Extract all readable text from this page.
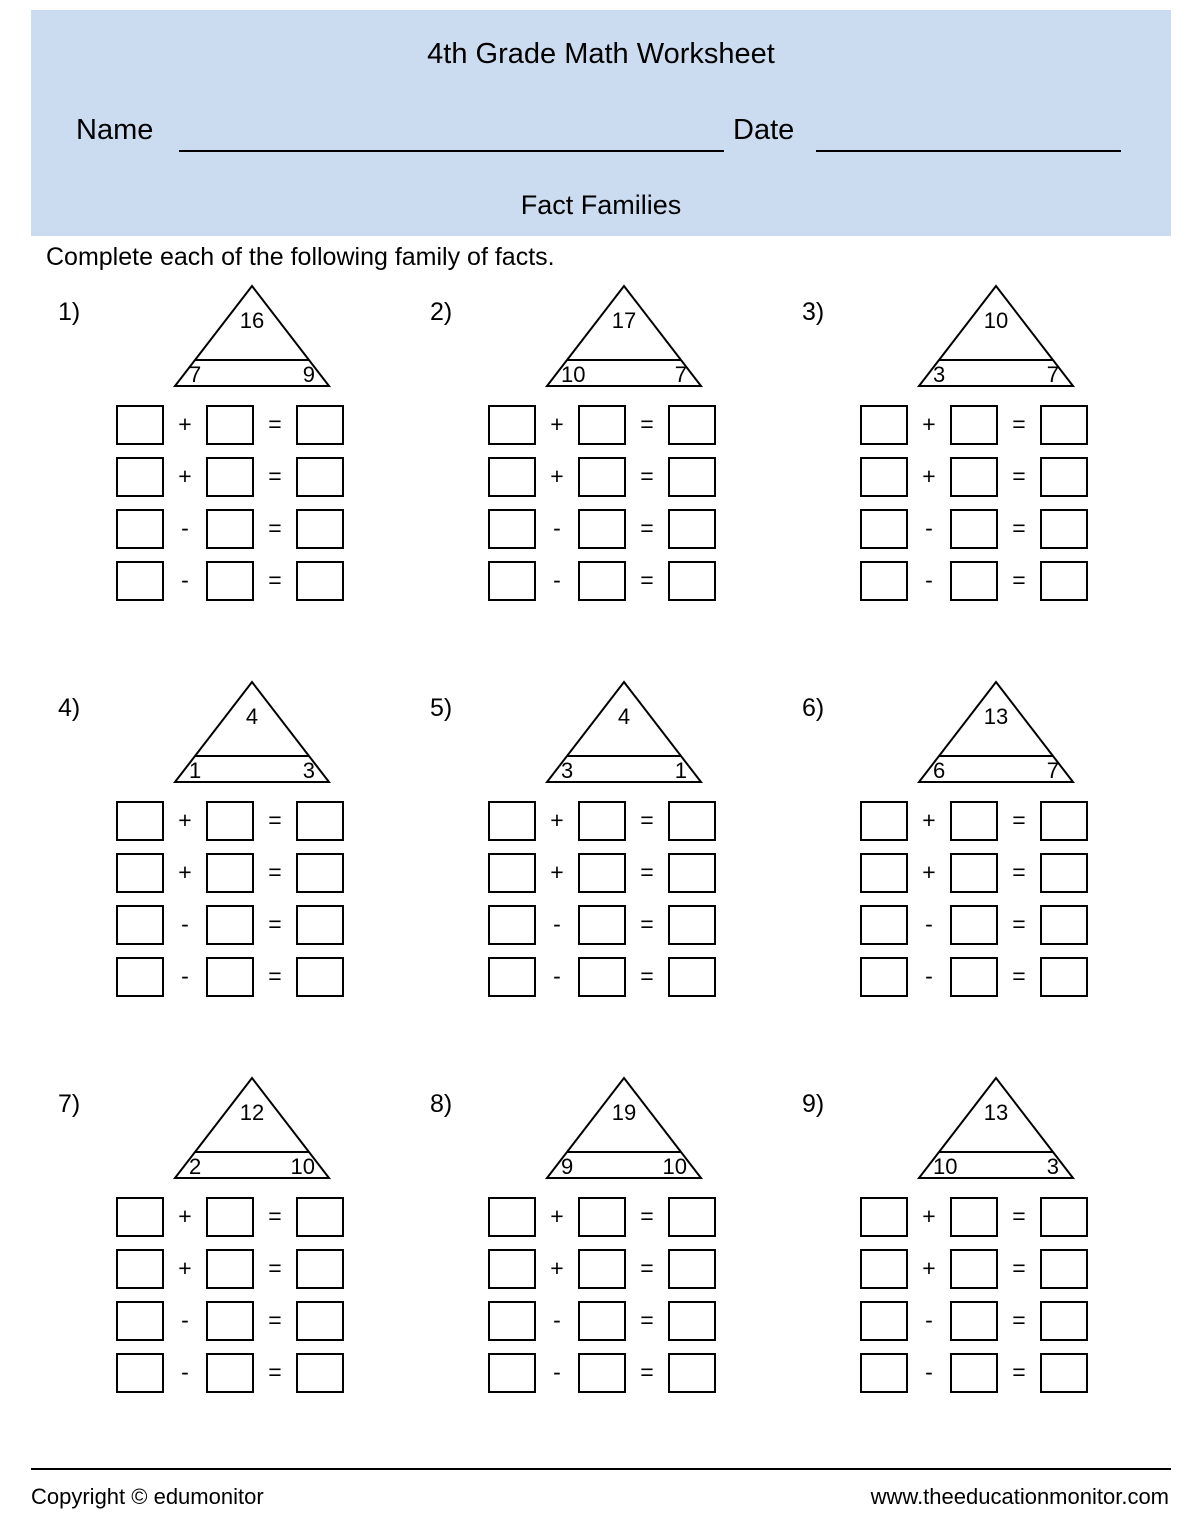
4th Grade Math Worksheet
Name	Date
Fact Families
Complete each of the following family of facts.
1)	16
7	9
+	=
+	=
-	=
-	=
2)	17
10	7
+	=
+	=
-	=
-	=
3)	10
3	7
+	=
+	=
-	=
-	=
4)	4
1	3
+	=
+	=
-	=
-	=
5)	4
3	1
+	=
+	=
-	=
-	=
6)	13
6	7
+	=
+	=
-	=
-	=
7)	12
2	10
+	=
+	=
-	=
-	=
8)	19
9	10
+	=
+	=
-	=
-	=
9)	13
10	3
+	=
+	=
-	=
-	=
Copyright © edumonitor	www.theeducationmonitor.com
